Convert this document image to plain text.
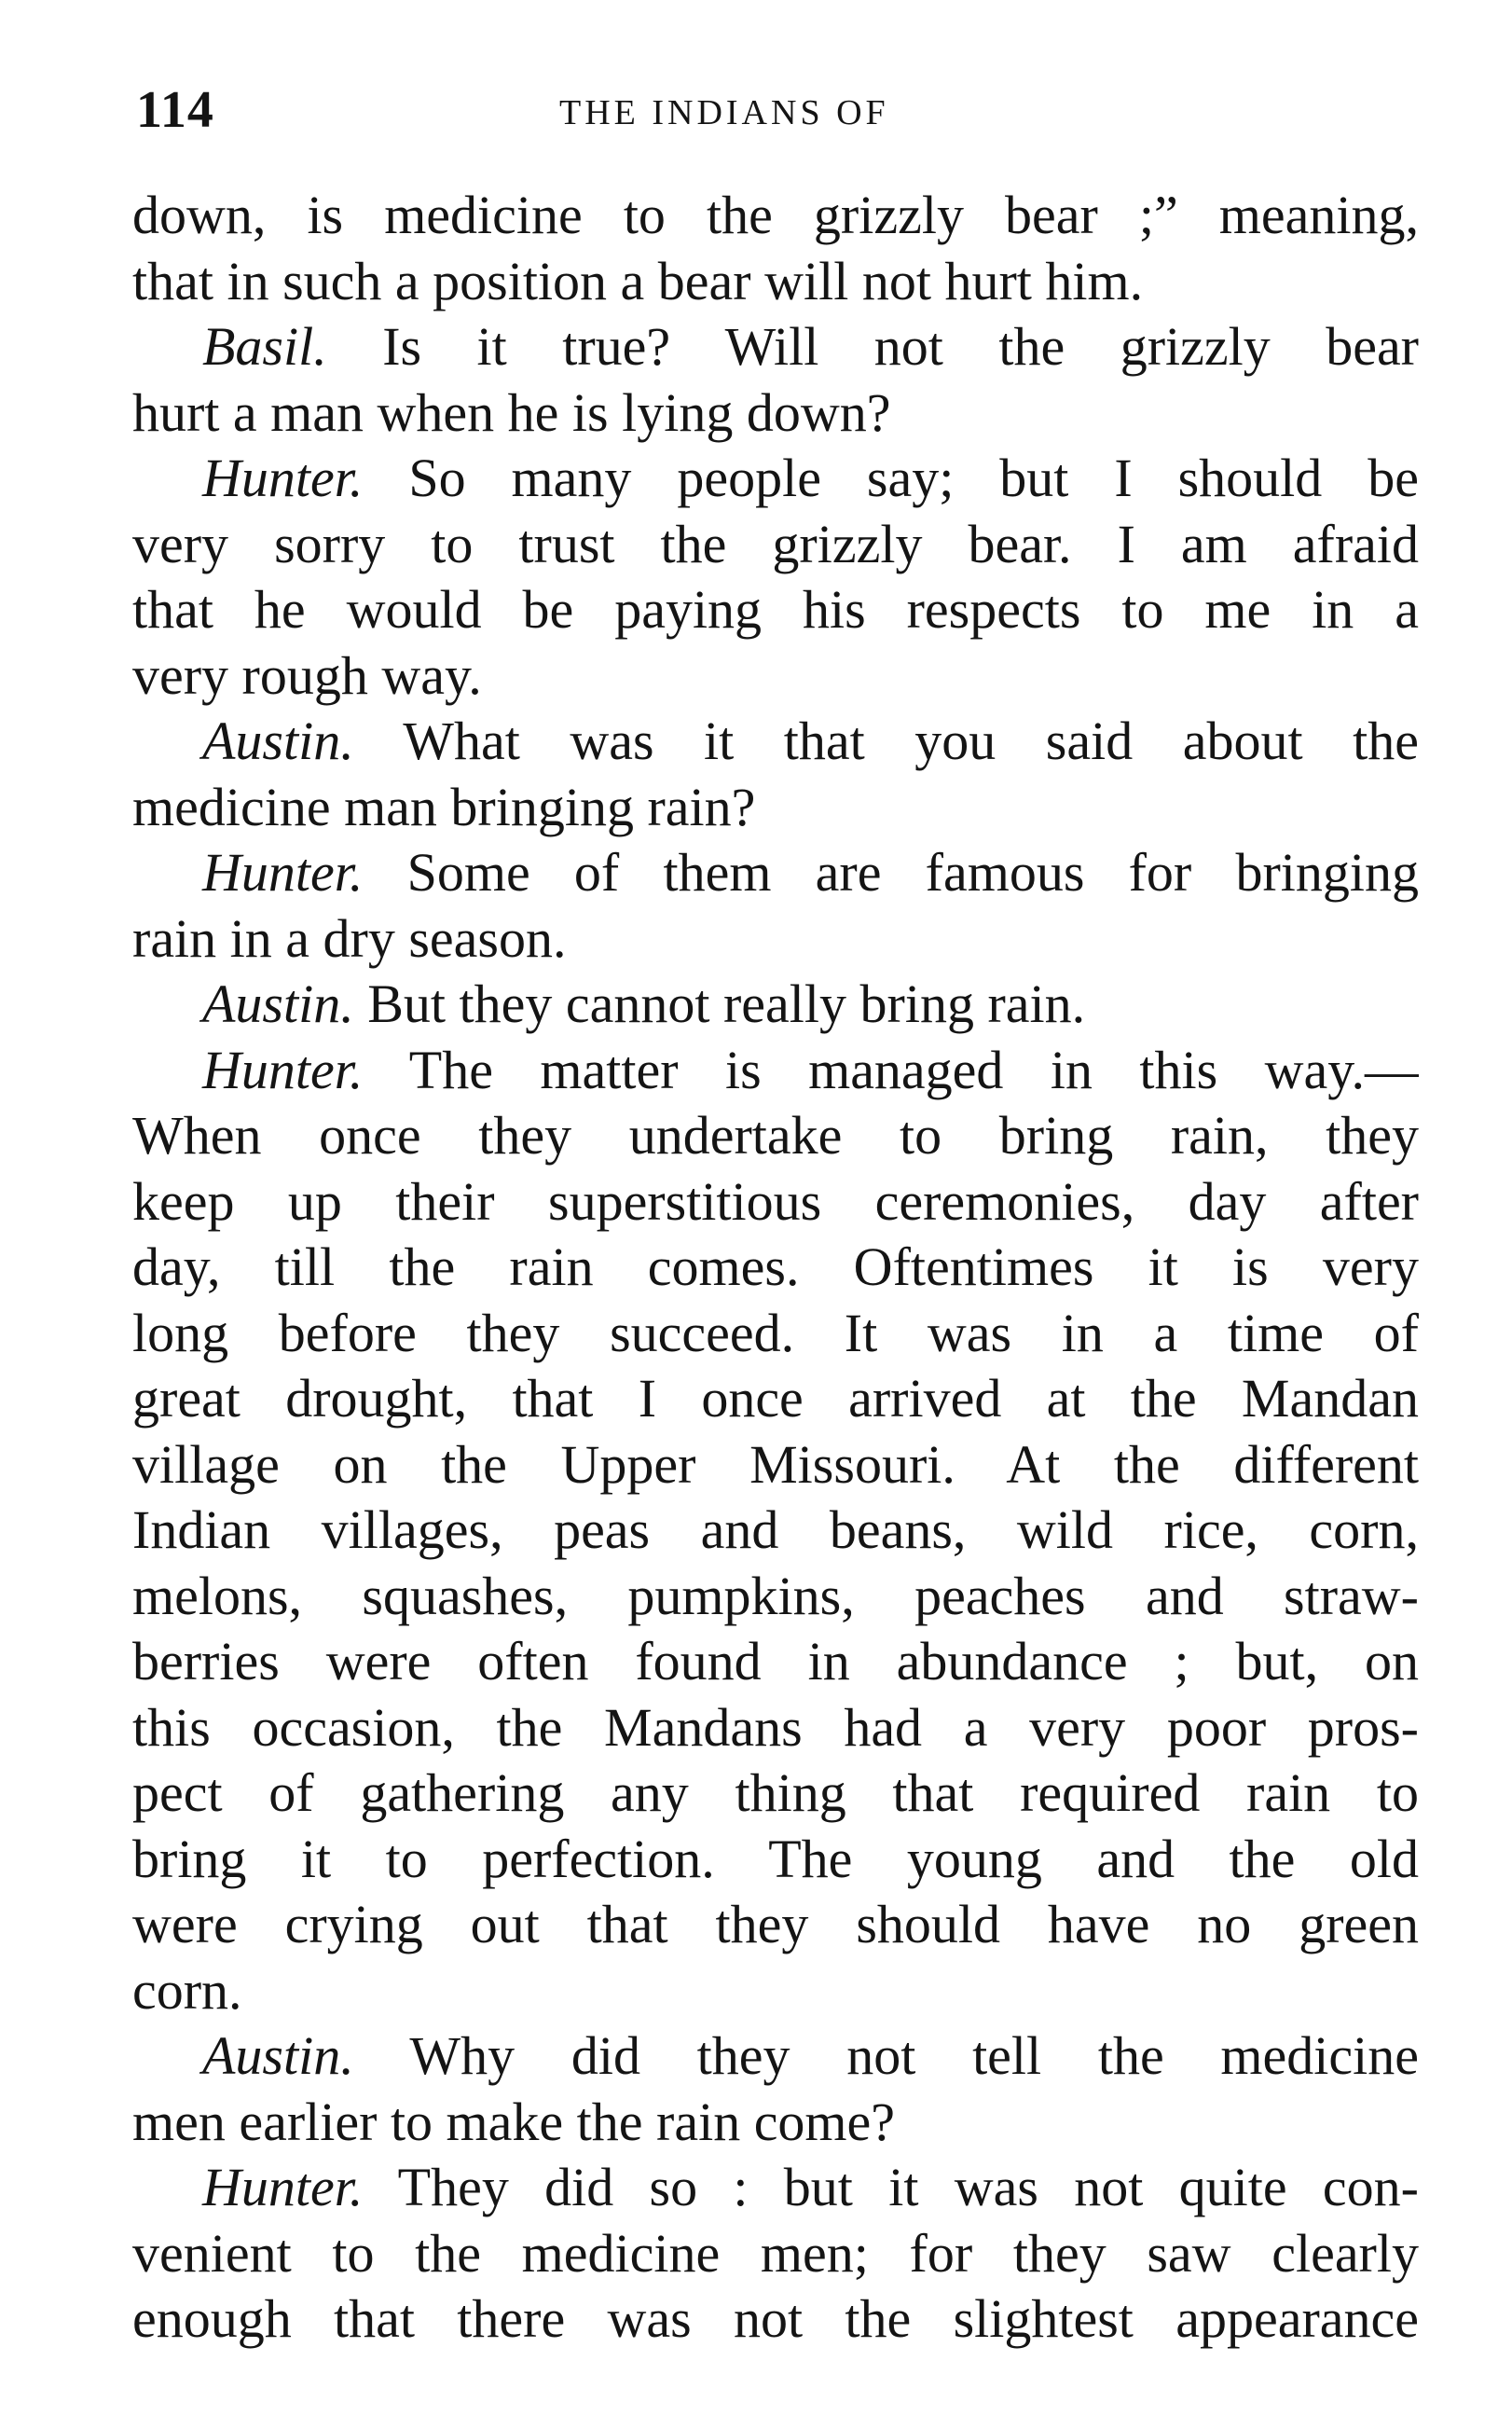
114	THE INDIANS OF
down, is medicine to the grizzly bear ;” meaning,
that in such a position a bear will not hurt him.
Basil. Is it true? Will not the grizzly bear
hurt a man when he is lying down?
Hunter. So many people say; but I should be
very sorry to trust the grizzly bear. I am afraid
that he would be paying his respects to me in a
very rough way.
Austin. What was it that you said about the
medicine man bringing rain?
Hunter. Some of them are famous for bringing
rain in a dry season.
Austin. But they cannot really bring rain.
Hunter. The matter is managed in this way.—
When once they undertake to bring rain, they
keep up their superstitious ceremonies, day after
day, till the rain comes. Oftentimes it is very
long before they succeed. It was in a time of
great drought, that I once arrived at the Mandan
village on the Upper Missouri. At the different
Indian villages, peas and beans, wild rice, corn,
melons, squashes, pumpkins, peaches and straw-
berries were often found in abundance ; but, on
this occasion, the Mandans had a very poor pros-
pect of gathering any thing that required rain to
bring it to perfection. The young and the old
were crying out that they should have no green
corn.
Austin. Why did they not tell the medicine
men earlier to make the rain come?
Hunter. They did so : but it was not quite con-
venient to the medicine men; for they saw clearly
enough that there was not the slightest appearance
